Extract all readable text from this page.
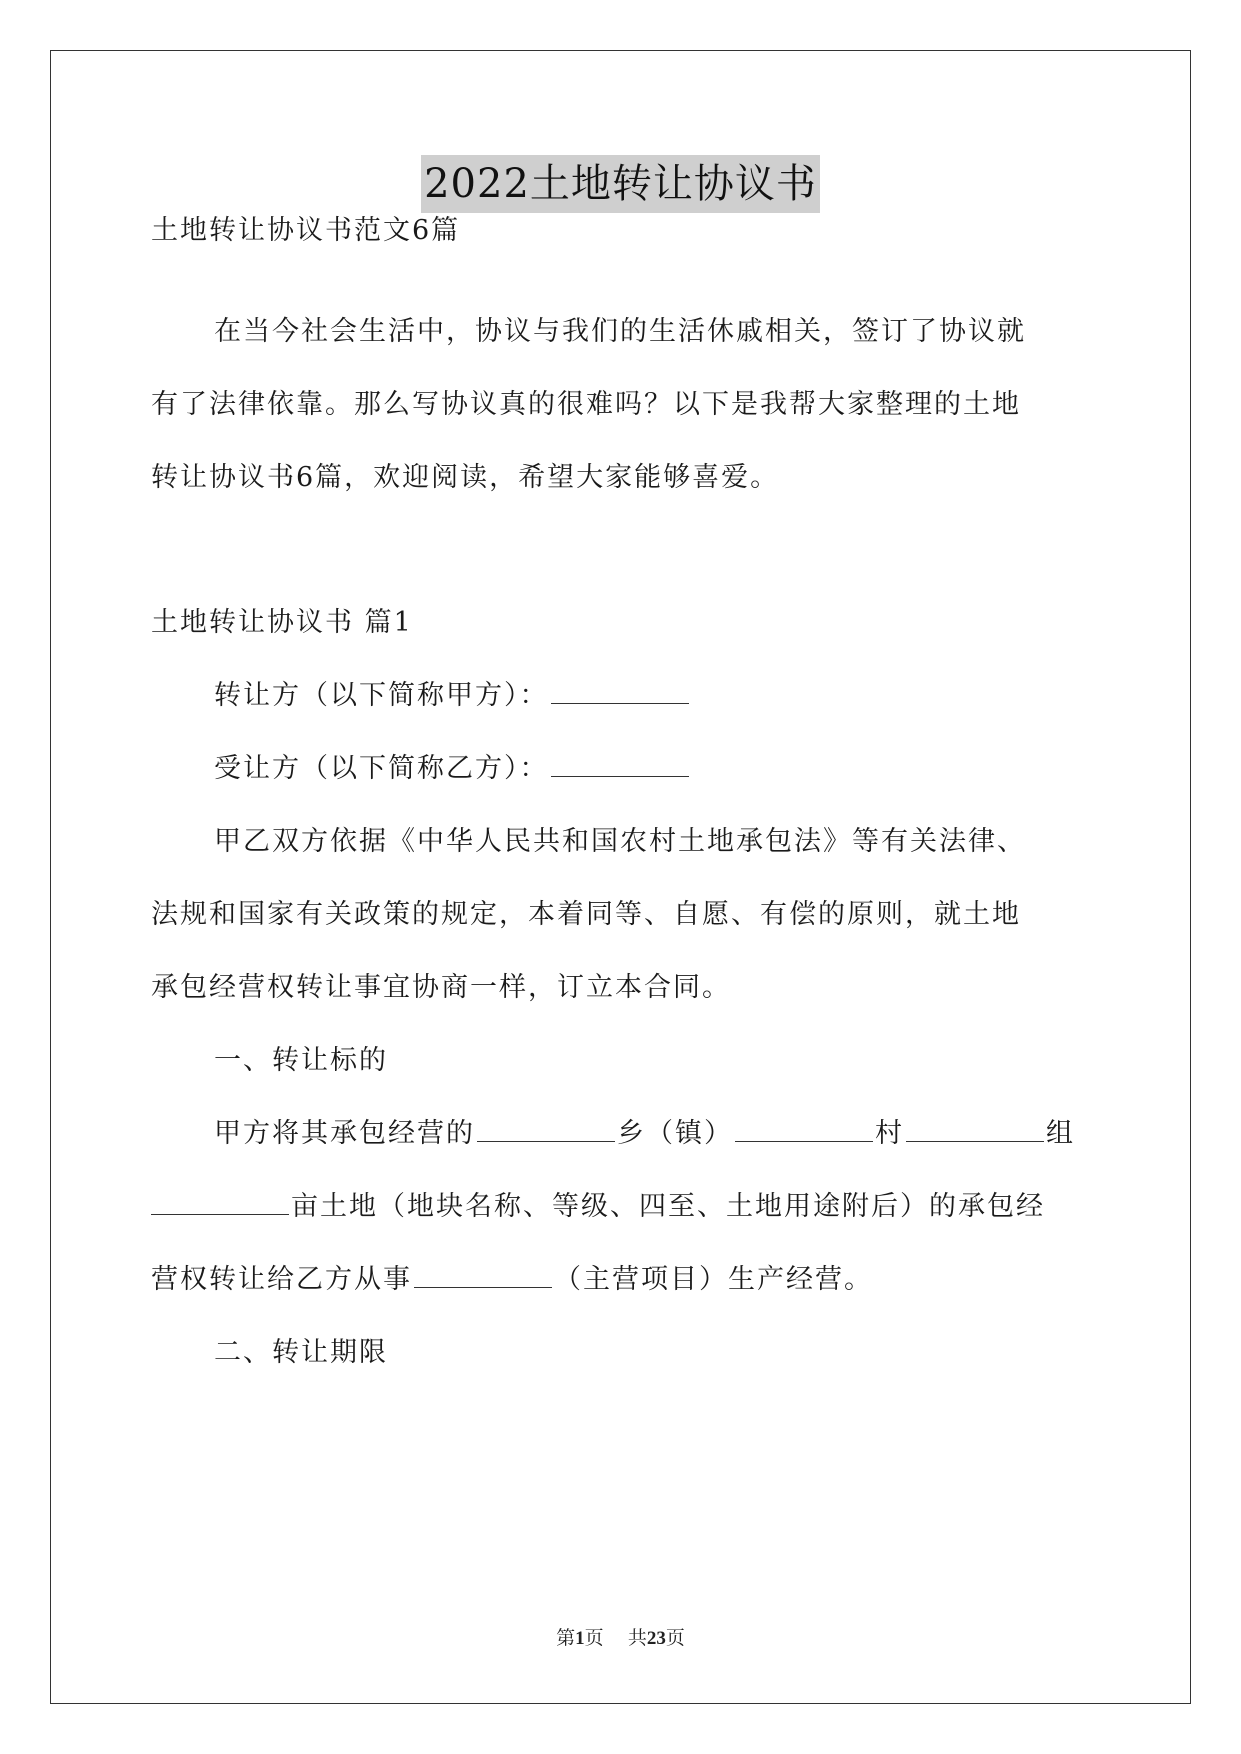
2022土地转让协议书
土地转让协议书范文6篇
在当今社会生活中，协议与我们的生活休戚相关，签订了协议就
有了法律依靠。那么写协议真的很难吗？以下是我帮大家整理的土地
转让协议书6篇，欢迎阅读，希望大家能够喜爱。
土地转让协议书 篇1
转让方（以下简称甲方）：
受让方（以下简称乙方）：
甲乙双方依据《中华人民共和国农村土地承包法》等有关法律、
法规和国家有关政策的规定，本着同等、自愿、有偿的原则，就土地
承包经营权转让事宜协商一样，订立本合同。
一、转让标的
甲方将其承包经营的	乡（镇）	村	组
亩土地（地块名称、等级、四至、土地用途附后）的承包经
营权转让给乙方从事	（主营项目）生产经营。
二、转让期限
第1页    共23页
